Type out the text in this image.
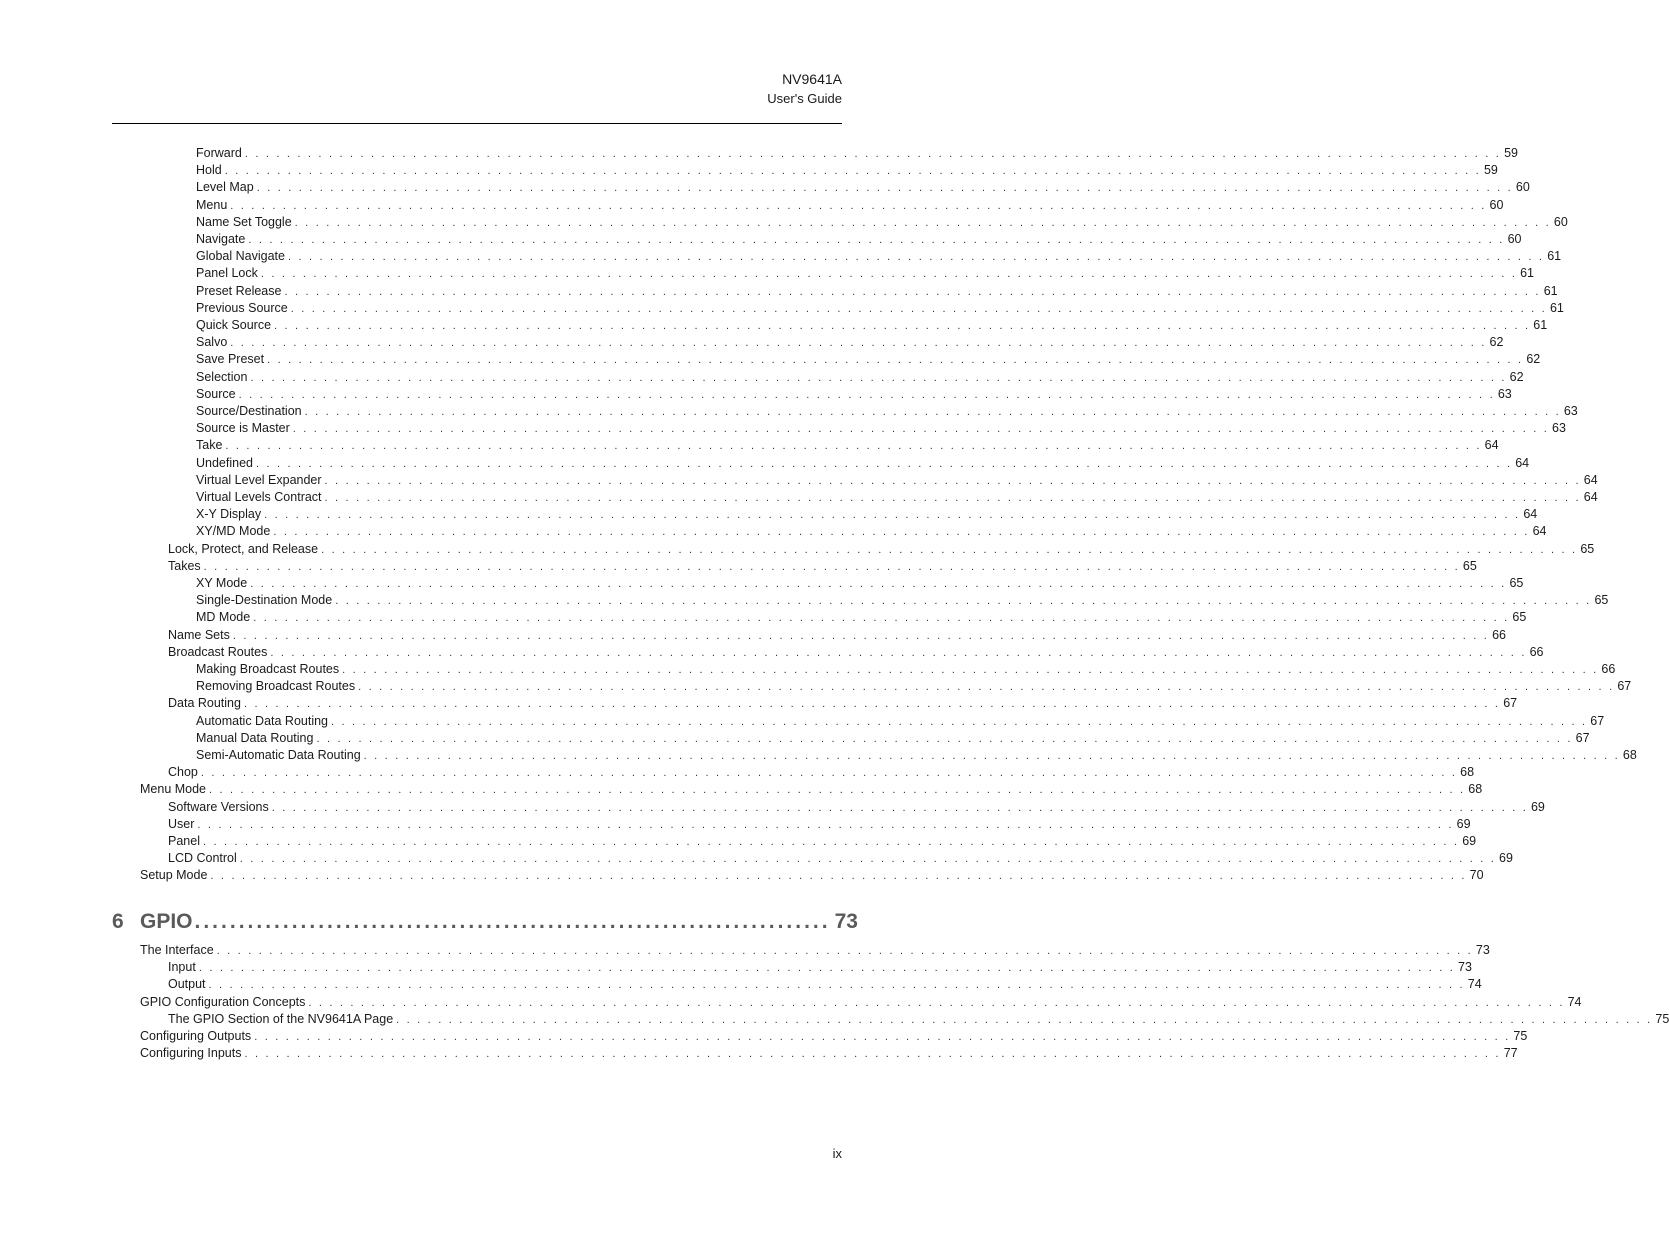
NV9641A
User's Guide
6 GPIO ........................................................................ 73
ix
Forward . . . . . . . . . . . . . . . . . . . . . . . . . . . . . . . . . . . . . . . . . . . . . . . . . . . . . . . . . . . . . . . . . . . . . . . . . . . . . . . . . . . . . . . . . . . . . . . . . . . . . . . . . . . . . . . . . . . . . . . . 59
Hold . . . . . . . . . . . . . . . . . . . . . . . . . . . . . . . . . . . . . . . . . . . . . . . . . . . . . . . . . . . . . . . . . . . . . . . . . . . . . . . . . . . . . . . . . . . . . . . . . . . . . . . . . . . . . . . . . . . . . . . . 59
Level Map . . . . . . . . . . . . . . . . . . . . . . . . . . . . . . . . . . . . . . . . . . . . . . . . . . . . . . . . . . . . . . . . . . . . . . . . . . . . . . . . . . . . . . . . . . . . . . . . . . . . . . . . . . . . . . . . . . . . . . . . 60
Menu . . . . . . . . . . . . . . . . . . . . . . . . . . . . . . . . . . . . . . . . . . . . . . . . . . . . . . . . . . . . . . . . . . . . . . . . . . . . . . . . . . . . . . . . . . . . . . . . . . . . . . . . . . . . . . . . . . . . . . . . 60
Name Set Toggle . . . . . . . . . . . . . . . . . . . . . . . . . . . . . . . . . . . . . . . . . . . . . . . . . . . . . . . . . . . . . . . . . . . . . . . . . . . . . . . . . . . . . . . . . . . . . . . . . . . . . . . . . . . . . . . . . . . . . . . . 60
Navigate . . . . . . . . . . . . . . . . . . . . . . . . . . . . . . . . . . . . . . . . . . . . . . . . . . . . . . . . . . . . . . . . . . . . . . . . . . . . . . . . . . . . . . . . . . . . . . . . . . . . . . . . . . . . . . . . . . . . . . . . 60
Global Navigate . . . . . . . . . . . . . . . . . . . . . . . . . . . . . . . . . . . . . . . . . . . . . . . . . . . . . . . . . . . . . . . . . . . . . . . . . . . . . . . . . . . . . . . . . . . . . . . . . . . . . . . . . . . . . . . . . . . . . . . . 61
Panel Lock . . . . . . . . . . . . . . . . . . . . . . . . . . . . . . . . . . . . . . . . . . . . . . . . . . . . . . . . . . . . . . . . . . . . . . . . . . . . . . . . . . . . . . . . . . . . . . . . . . . . . . . . . . . . . . . . . . . . . . . . 61
Preset Release . . . . . . . . . . . . . . . . . . . . . . . . . . . . . . . . . . . . . . . . . . . . . . . . . . . . . . . . . . . . . . . . . . . . . . . . . . . . . . . . . . . . . . . . . . . . . . . . . . . . . . . . . . . . . . . . . . . . . . . . 61
Previous Source . . . . . . . . . . . . . . . . . . . . . . . . . . . . . . . . . . . . . . . . . . . . . . . . . . . . . . . . . . . . . . . . . . . . . . . . . . . . . . . . . . . . . . . . . . . . . . . . . . . . . . . . . . . . . . . . . . . . . . . . 61
Quick Source . . . . . . . . . . . . . . . . . . . . . . . . . . . . . . . . . . . . . . . . . . . . . . . . . . . . . . . . . . . . . . . . . . . . . . . . . . . . . . . . . . . . . . . . . . . . . . . . . . . . . . . . . . . . . . . . . . . . . . . . 61
Salvo . . . . . . . . . . . . . . . . . . . . . . . . . . . . . . . . . . . . . . . . . . . . . . . . . . . . . . . . . . . . . . . . . . . . . . . . . . . . . . . . . . . . . . . . . . . . . . . . . . . . . . . . . . . . . . . . . . . . . . . . 62
Save Preset . . . . . . . . . . . . . . . . . . . . . . . . . . . . . . . . . . . . . . . . . . . . . . . . . . . . . . . . . . . . . . . . . . . . . . . . . . . . . . . . . . . . . . . . . . . . . . . . . . . . . . . . . . . . . . . . . . . . . . . . 62
Selection . . . . . . . . . . . . . . . . . . . . . . . . . . . . . . . . . . . . . . . . . . . . . . . . . . . . . . . . . . . . . . . . . . . . . . . . . . . . . . . . . . . . . . . . . . . . . . . . . . . . . . . . . . . . . . . . . . . . . . . . 62
Source . . . . . . . . . . . . . . . . . . . . . . . . . . . . . . . . . . . . . . . . . . . . . . . . . . . . . . . . . . . . . . . . . . . . . . . . . . . . . . . . . . . . . . . . . . . . . . . . . . . . . . . . . . . . . . . . . . . . . . . . 63
Source/Destination . . . . . . . . . . . . . . . . . . . . . . . . . . . . . . . . . . . . . . . . . . . . . . . . . . . . . . . . . . . . . . . . . . . . . . . . . . . . . . . . . . . . . . . . . . . . . . . . . . . . . . . . . . . . . . . . . . . . . . . . 63
Source is Master . . . . . . . . . . . . . . . . . . . . . . . . . . . . . . . . . . . . . . . . . . . . . . . . . . . . . . . . . . . . . . . . . . . . . . . . . . . . . . . . . . . . . . . . . . . . . . . . . . . . . . . . . . . . . . . . . . . . . . . . 63
Take . . . . . . . . . . . . . . . . . . . . . . . . . . . . . . . . . . . . . . . . . . . . . . . . . . . . . . . . . . . . . . . . . . . . . . . . . . . . . . . . . . . . . . . . . . . . . . . . . . . . . . . . . . . . . . . . . . . . . . . . 64
Undefined . . . . . . . . . . . . . . . . . . . . . . . . . . . . . . . . . . . . . . . . . . . . . . . . . . . . . . . . . . . . . . . . . . . . . . . . . . . . . . . . . . . . . . . . . . . . . . . . . . . . . . . . . . . . . . . . . . . . . . . . 64
Virtual Level Expander . . . . . . . . . . . . . . . . . . . . . . . . . . . . . . . . . . . . . . . . . . . . . . . . . . . . . . . . . . . . . . . . . . . . . . . . . . . . . . . . . . . . . . . . . . . . . . . . . . . . . . . . . . . . . . . . . . . . . . . . 64
Virtual Levels Contract . . . . . . . . . . . . . . . . . . . . . . . . . . . . . . . . . . . . . . . . . . . . . . . . . . . . . . . . . . . . . . . . . . . . . . . . . . . . . . . . . . . . . . . . . . . . . . . . . . . . . . . . . . . . . . . . . . . . . . . . 64
X-Y Display . . . . . . . . . . . . . . . . . . . . . . . . . . . . . . . . . . . . . . . . . . . . . . . . . . . . . . . . . . . . . . . . . . . . . . . . . . . . . . . . . . . . . . . . . . . . . . . . . . . . . . . . . . . . . . . . . . . . . . . . 64
XY/MD Mode . . . . . . . . . . . . . . . . . . . . . . . . . . . . . . . . . . . . . . . . . . . . . . . . . . . . . . . . . . . . . . . . . . . . . . . . . . . . . . . . . . . . . . . . . . . . . . . . . . . . . . . . . . . . . . . . . . . . . . . . 64
Lock, Protect, and Release . . . . . . . . . . . . . . . . . . . . . . . . . . . . . . . . . . . . . . . . . . . . . . . . . . . . . . . . . . . . . . . . . . . . . . . . . . . . . . . . . . . . . . . . . . . . . . . . . . . . . . . . . . . . . . . . . . . . . . . . 65
Takes . . . . . . . . . . . . . . . . . . . . . . . . . . . . . . . . . . . . . . . . . . . . . . . . . . . . . . . . . . . . . . . . . . . . . . . . . . . . . . . . . . . . . . . . . . . . . . . . . . . . . . . . . . . . . . . . . . . . . . . . 65
XY Mode . . . . . . . . . . . . . . . . . . . . . . . . . . . . . . . . . . . . . . . . . . . . . . . . . . . . . . . . . . . . . . . . . . . . . . . . . . . . . . . . . . . . . . . . . . . . . . . . . . . . . . . . . . . . . . . . . . . . . . . . 65
Single-Destination Mode . . . . . . . . . . . . . . . . . . . . . . . . . . . . . . . . . . . . . . . . . . . . . . . . . . . . . . . . . . . . . . . . . . . . . . . . . . . . . . . . . . . . . . . . . . . . . . . . . . . . . . . . . . . . . . . . . . . . . . . . 65
MD Mode . . . . . . . . . . . . . . . . . . . . . . . . . . . . . . . . . . . . . . . . . . . . . . . . . . . . . . . . . . . . . . . . . . . . . . . . . . . . . . . . . . . . . . . . . . . . . . . . . . . . . . . . . . . . . . . . . . . . . . . . 65
Name Sets . . . . . . . . . . . . . . . . . . . . . . . . . . . . . . . . . . . . . . . . . . . . . . . . . . . . . . . . . . . . . . . . . . . . . . . . . . . . . . . . . . . . . . . . . . . . . . . . . . . . . . . . . . . . . . . . . . . . . . . . 66
Broadcast Routes . . . . . . . . . . . . . . . . . . . . . . . . . . . . . . . . . . . . . . . . . . . . . . . . . . . . . . . . . . . . . . . . . . . . . . . . . . . . . . . . . . . . . . . . . . . . . . . . . . . . . . . . . . . . . . . . . . . . . . . . 66
Making Broadcast Routes . . . . . . . . . . . . . . . . . . . . . . . . . . . . . . . . . . . . . . . . . . . . . . . . . . . . . . . . . . . . . . . . . . . . . . . . . . . . . . . . . . . . . . . . . . . . . . . . . . . . . . . . . . . . . . . . . . . . . . . . 66
Removing Broadcast Routes . . . . . . . . . . . . . . . . . . . . . . . . . . . . . . . . . . . . . . . . . . . . . . . . . . . . . . . . . . . . . . . . . . . . . . . . . . . . . . . . . . . . . . . . . . . . . . . . . . . . . . . . . . . . . . . . . . . . . . . . 67
Data Routing . . . . . . . . . . . . . . . . . . . . . . . . . . . . . . . . . . . . . . . . . . . . . . . . . . . . . . . . . . . . . . . . . . . . . . . . . . . . . . . . . . . . . . . . . . . . . . . . . . . . . . . . . . . . . . . . . . . . . . . . 67
Automatic Data Routing . . . . . . . . . . . . . . . . . . . . . . . . . . . . . . . . . . . . . . . . . . . . . . . . . . . . . . . . . . . . . . . . . . . . . . . . . . . . . . . . . . . . . . . . . . . . . . . . . . . . . . . . . . . . . . . . . . . . . . . . 67
Manual Data Routing . . . . . . . . . . . . . . . . . . . . . . . . . . . . . . . . . . . . . . . . . . . . . . . . . . . . . . . . . . . . . . . . . . . . . . . . . . . . . . . . . . . . . . . . . . . . . . . . . . . . . . . . . . . . . . . . . . . . . . . . 67
Semi-Automatic Data Routing . . . . . . . . . . . . . . . . . . . . . . . . . . . . . . . . . . . . . . . . . . . . . . . . . . . . . . . . . . . . . . . . . . . . . . . . . . . . . . . . . . . . . . . . . . . . . . . . . . . . . . . . . . . . . . . . . . . . . . . . 68
Chop . . . . . . . . . . . . . . . . . . . . . . . . . . . . . . . . . . . . . . . . . . . . . . . . . . . . . . . . . . . . . . . . . . . . . . . . . . . . . . . . . . . . . . . . . . . . . . . . . . . . . . . . . . . . . . . . . . . . . . . . 68
Menu Mode . . . . . . . . . . . . . . . . . . . . . . . . . . . . . . . . . . . . . . . . . . . . . . . . . . . . . . . . . . . . . . . . . . . . . . . . . . . . . . . . . . . . . . . . . . . . . . . . . . . . . . . . . . . . . . . . . . . . . . . . 68
Software Versions . . . . . . . . . . . . . . . . . . . . . . . . . . . . . . . . . . . . . . . . . . . . . . . . . . . . . . . . . . . . . . . . . . . . . . . . . . . . . . . . . . . . . . . . . . . . . . . . . . . . . . . . . . . . . . . . . . . . . . . . 69
User . . . . . . . . . . . . . . . . . . . . . . . . . . . . . . . . . . . . . . . . . . . . . . . . . . . . . . . . . . . . . . . . . . . . . . . . . . . . . . . . . . . . . . . . . . . . . . . . . . . . . . . . . . . . . . . . . . . . . . . . 69
Panel . . . . . . . . . . . . . . . . . . . . . . . . . . . . . . . . . . . . . . . . . . . . . . . . . . . . . . . . . . . . . . . . . . . . . . . . . . . . . . . . . . . . . . . . . . . . . . . . . . . . . . . . . . . . . . . . . . . . . . . . 69
LCD Control . . . . . . . . . . . . . . . . . . . . . . . . . . . . . . . . . . . . . . . . . . . . . . . . . . . . . . . . . . . . . . . . . . . . . . . . . . . . . . . . . . . . . . . . . . . . . . . . . . . . . . . . . . . . . . . . . . . . . . . . 69
Setup Mode . . . . . . . . . . . . . . . . . . . . . . . . . . . . . . . . . . . . . . . . . . . . . . . . . . . . . . . . . . . . . . . . . . . . . . . . . . . . . . . . . . . . . . . . . . . . . . . . . . . . . . . . . . . . . . . . . . . . . . . . 70
The Interface . . . . . . . . . . . . . . . . . . . . . . . . . . . . . . . . . . . . . . . . . . . . . . . . . . . . . . . . . . . . . . . . . . . . . . . . . . . . . . . . . . . . . . . . . . . . . . . . . . . . . . . . . . . . . . . . . . . . . . . . 73
Input . . . . . . . . . . . . . . . . . . . . . . . . . . . . . . . . . . . . . . . . . . . . . . . . . . . . . . . . . . . . . . . . . . . . . . . . . . . . . . . . . . . . . . . . . . . . . . . . . . . . . . . . . . . . . . . . . . . . . . . . 73
Output . . . . . . . . . . . . . . . . . . . . . . . . . . . . . . . . . . . . . . . . . . . . . . . . . . . . . . . . . . . . . . . . . . . . . . . . . . . . . . . . . . . . . . . . . . . . . . . . . . . . . . . . . . . . . . . . . . . . . . . . 74
GPIO Configuration Concepts . . . . . . . . . . . . . . . . . . . . . . . . . . . . . . . . . . . . . . . . . . . . . . . . . . . . . . . . . . . . . . . . . . . . . . . . . . . . . . . . . . . . . . . . . . . . . . . . . . . . . . . . . . . . . . . . . . . . . . . . 74
The GPIO Section of the NV9641A Page . . . . . . . . . . . . . . . . . . . . . . . . . . . . . . . . . . . . . . . . . . . . . . . . . . . . . . . . . . . . . . . . . . . . . . . . . . . . . . . . . . . . . . . . . . . . . . . . . . . . . . . . . . . . . . . . . . . . . . . . 75
Configuring Outputs . . . . . . . . . . . . . . . . . . . . . . . . . . . . . . . . . . . . . . . . . . . . . . . . . . . . . . . . . . . . . . . . . . . . . . . . . . . . . . . . . . . . . . . . . . . . . . . . . . . . . . . . . . . . . . . . . . . . . . . . 75
Configuring Inputs . . . . . . . . . . . . . . . . . . . . . . . . . . . . . . . . . . . . . . . . . . . . . . . . . . . . . . . . . . . . . . . . . . . . . . . . . . . . . . . . . . . . . . . . . . . . . . . . . . . . . . . . . . . . . . . . . . . . . . . . 77
